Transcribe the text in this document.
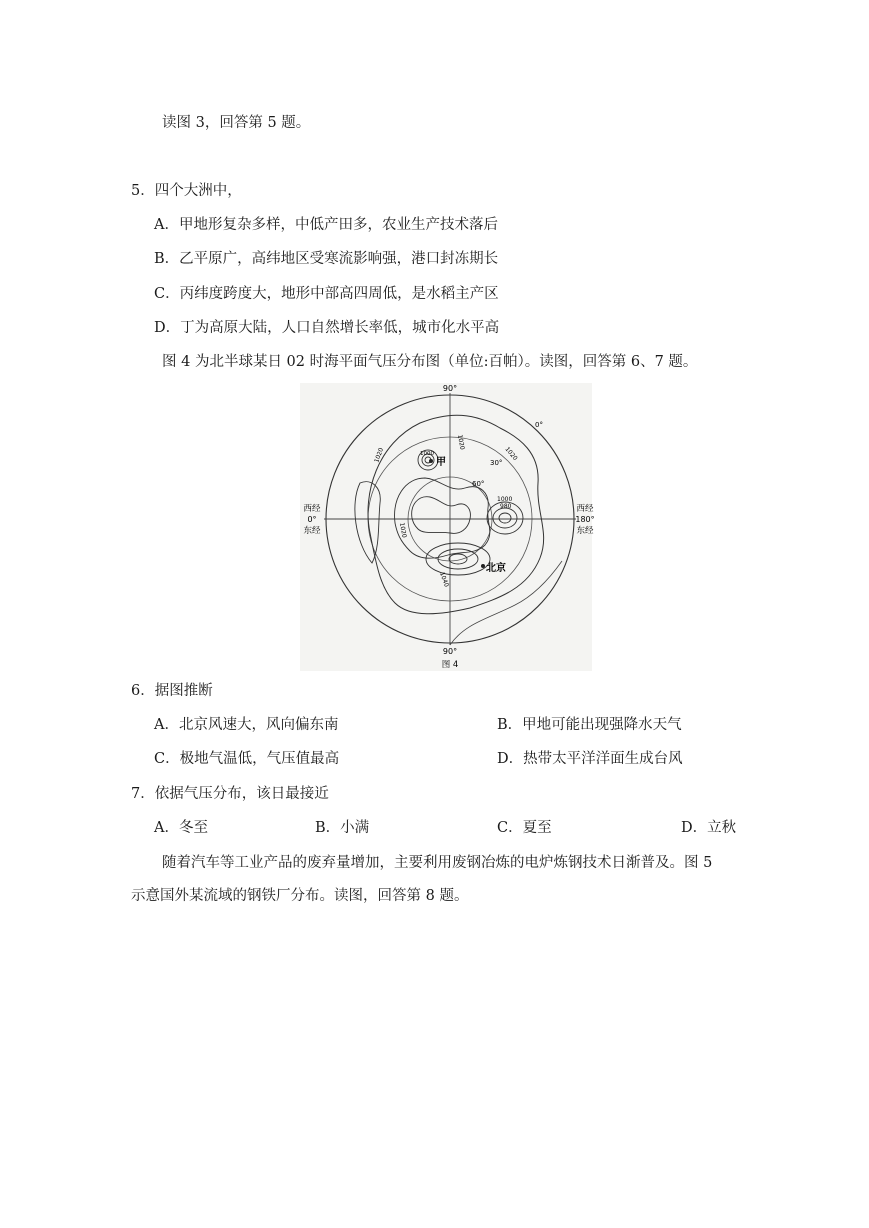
读图 3，回答第 5 题。
5．四个大洲中，
A．甲地形复杂多样，中低产田多，农业生产技术落后
B．乙平原广，高纬地区受寒流影响强，港口封冻期长
C．丙纬度跨度大，地形中部高四周低，是水稻主产区
D．丁为高原大陆，人口自然增长率低，城市化水平高
图 4 为北半球某日 02 时海平面气压分布图（单位:百帕）。读图，回答第 6、7 题。
90°
90°
西经
0°
东经
西经
180°
东经
0°
30°
60°
甲
北京
1020
1020	1020
1020
1000
980
1040
1000
图 4
6．据图推断
A．北京风速大，风向偏东南	B．甲地可能出现强降水天气
C．极地气温低，气压值最高	D．热带太平洋洋面生成台风
7．依据气压分布，该日最接近
A．冬至	B．小满	C．夏至	D．立秋
随着汽车等工业产品的废弃量增加，主要利用废钢冶炼的电炉炼钢技术日渐普及。图 5
示意国外某流域的钢铁厂分布。读图，回答第 8 题。
